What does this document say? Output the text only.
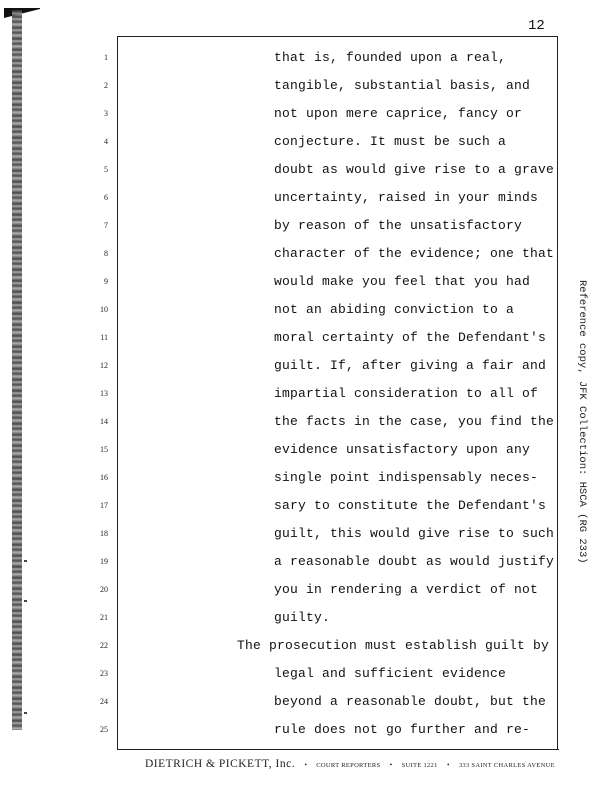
12
1	that is, founded upon a real,
2	tangible, substantial basis, and
3	not upon mere caprice, fancy or
4	conjecture. It must be such a
5	doubt as would give rise to a grave
6	uncertainty, raised in your minds
7	by reason of the unsatisfactory
8	character of the evidence; one that
9	would make you feel that you had
10	not an abiding conviction to a
11	moral certainty of the Defendant's
12	guilt. If, after giving a fair and
13	impartial consideration to all of
14	the facts in the case, you find the
15	evidence unsatisfactory upon any
16	single point indispensably neces-
17	sary to constitute the Defendant's
18	guilt, this would give rise to such
19	a reasonable doubt as would justify
20	you in rendering a verdict of not
21	guilty.
22	The prosecution must establish guilt by
23	legal and sufficient evidence
24	beyond a reasonable doubt, but the
25	rule does not go further and re-
Reference copy, JFK Collection: HSCA (RG 233)
DIETRICH & PICKETT, Inc. • COURT REPORTERS • SUITE 1221 • 333 SAINT CHARLES AVENUE
